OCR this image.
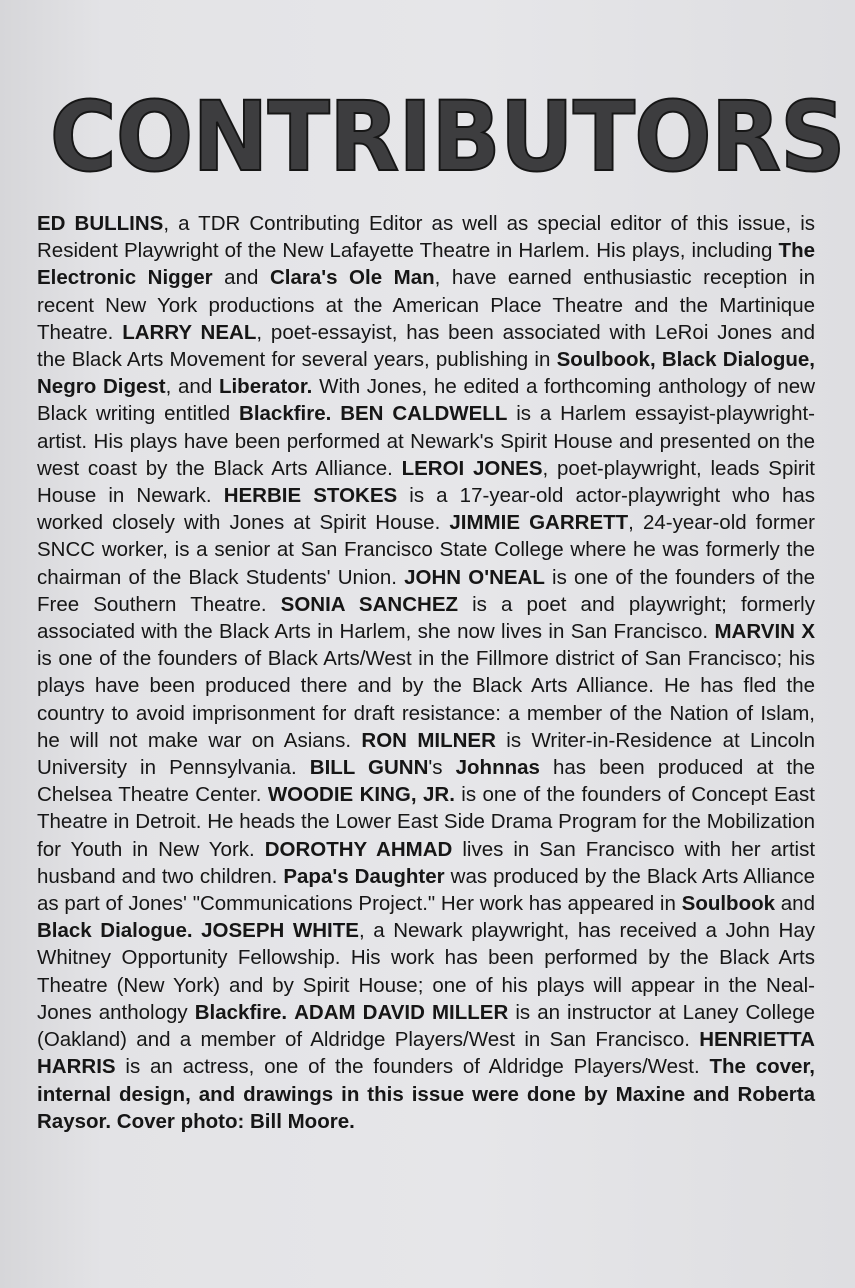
CONTRIBUTORS

ED BULLINS, a TDR Contributing Editor as well as special editor of this issue, is Resident Playwright of the New Lafayette Theatre in Harlem. His plays, including The Electronic Nigger and Clara's Ole Man, have earned enthusiastic reception in recent New York productions at the American Place Theatre and the Martinique Theatre. LARRY NEAL, poet-essayist, has been associated with LeRoi Jones and the Black Arts Movement for several years, publishing in Soulbook, Black Dialogue, Negro Digest, and Liberator. With Jones, he edited a forthcoming anthology of new Black writing entitled Blackfire. BEN CALDWELL is a Harlem essayist-playwright-artist. His plays have been performed at Newark's Spirit House and presented on the west coast by the Black Arts Alliance. LEROI JONES, poet-playwright, leads Spirit House in Newark. HERBIE STOKES is a 17-year-old actor-playwright who has worked closely with Jones at Spirit House. JIMMIE GARRETT, 24-year-old former SNCC worker, is a senior at San Francisco State College where he was formerly the chairman of the Black Students' Union. JOHN O'NEAL is one of the founders of the Free Southern Theatre. SONIA SANCHEZ is a poet and playwright; formerly associated with the Black Arts in Harlem, she now lives in San Francisco. MARVIN X is one of the founders of Black Arts/West in the Fillmore district of San Francisco; his plays have been produced there and by the Black Arts Alliance. He has fled the country to avoid imprisonment for draft resistance: a member of the Nation of Islam, he will not make war on Asians. RON MILNER is Writer-in-Residence at Lincoln University in Pennsylvania. BILL GUNN's Johnnas has been produced at the Chelsea Theatre Center. WOODIE KING, JR. is one of the founders of Concept East Theatre in Detroit. He heads the Lower East Side Drama Program for the Mobilization for Youth in New York. DOROTHY AHMAD lives in San Francisco with her artist husband and two children. Papa's Daughter was produced by the Black Arts Alliance as part of Jones' "Communications Project." Her work has appeared in Soulbook and Black Dialogue. JOSEPH WHITE, a Newark playwright, has received a John Hay Whitney Opportunity Fellowship. His work has been performed by the Black Arts Theatre (New York) and by Spirit House; one of his plays will appear in the Neal-Jones anthology Blackfire. ADAM DAVID MILLER is an instructor at Laney College (Oakland) and a member of Aldridge Players/West in San Francisco. HENRIETTA HARRIS is an actress, one of the founders of Aldridge Players/West. The cover, internal design, and drawings in this issue were done by Maxine and Roberta Raysor. Cover photo: Bill Moore.
